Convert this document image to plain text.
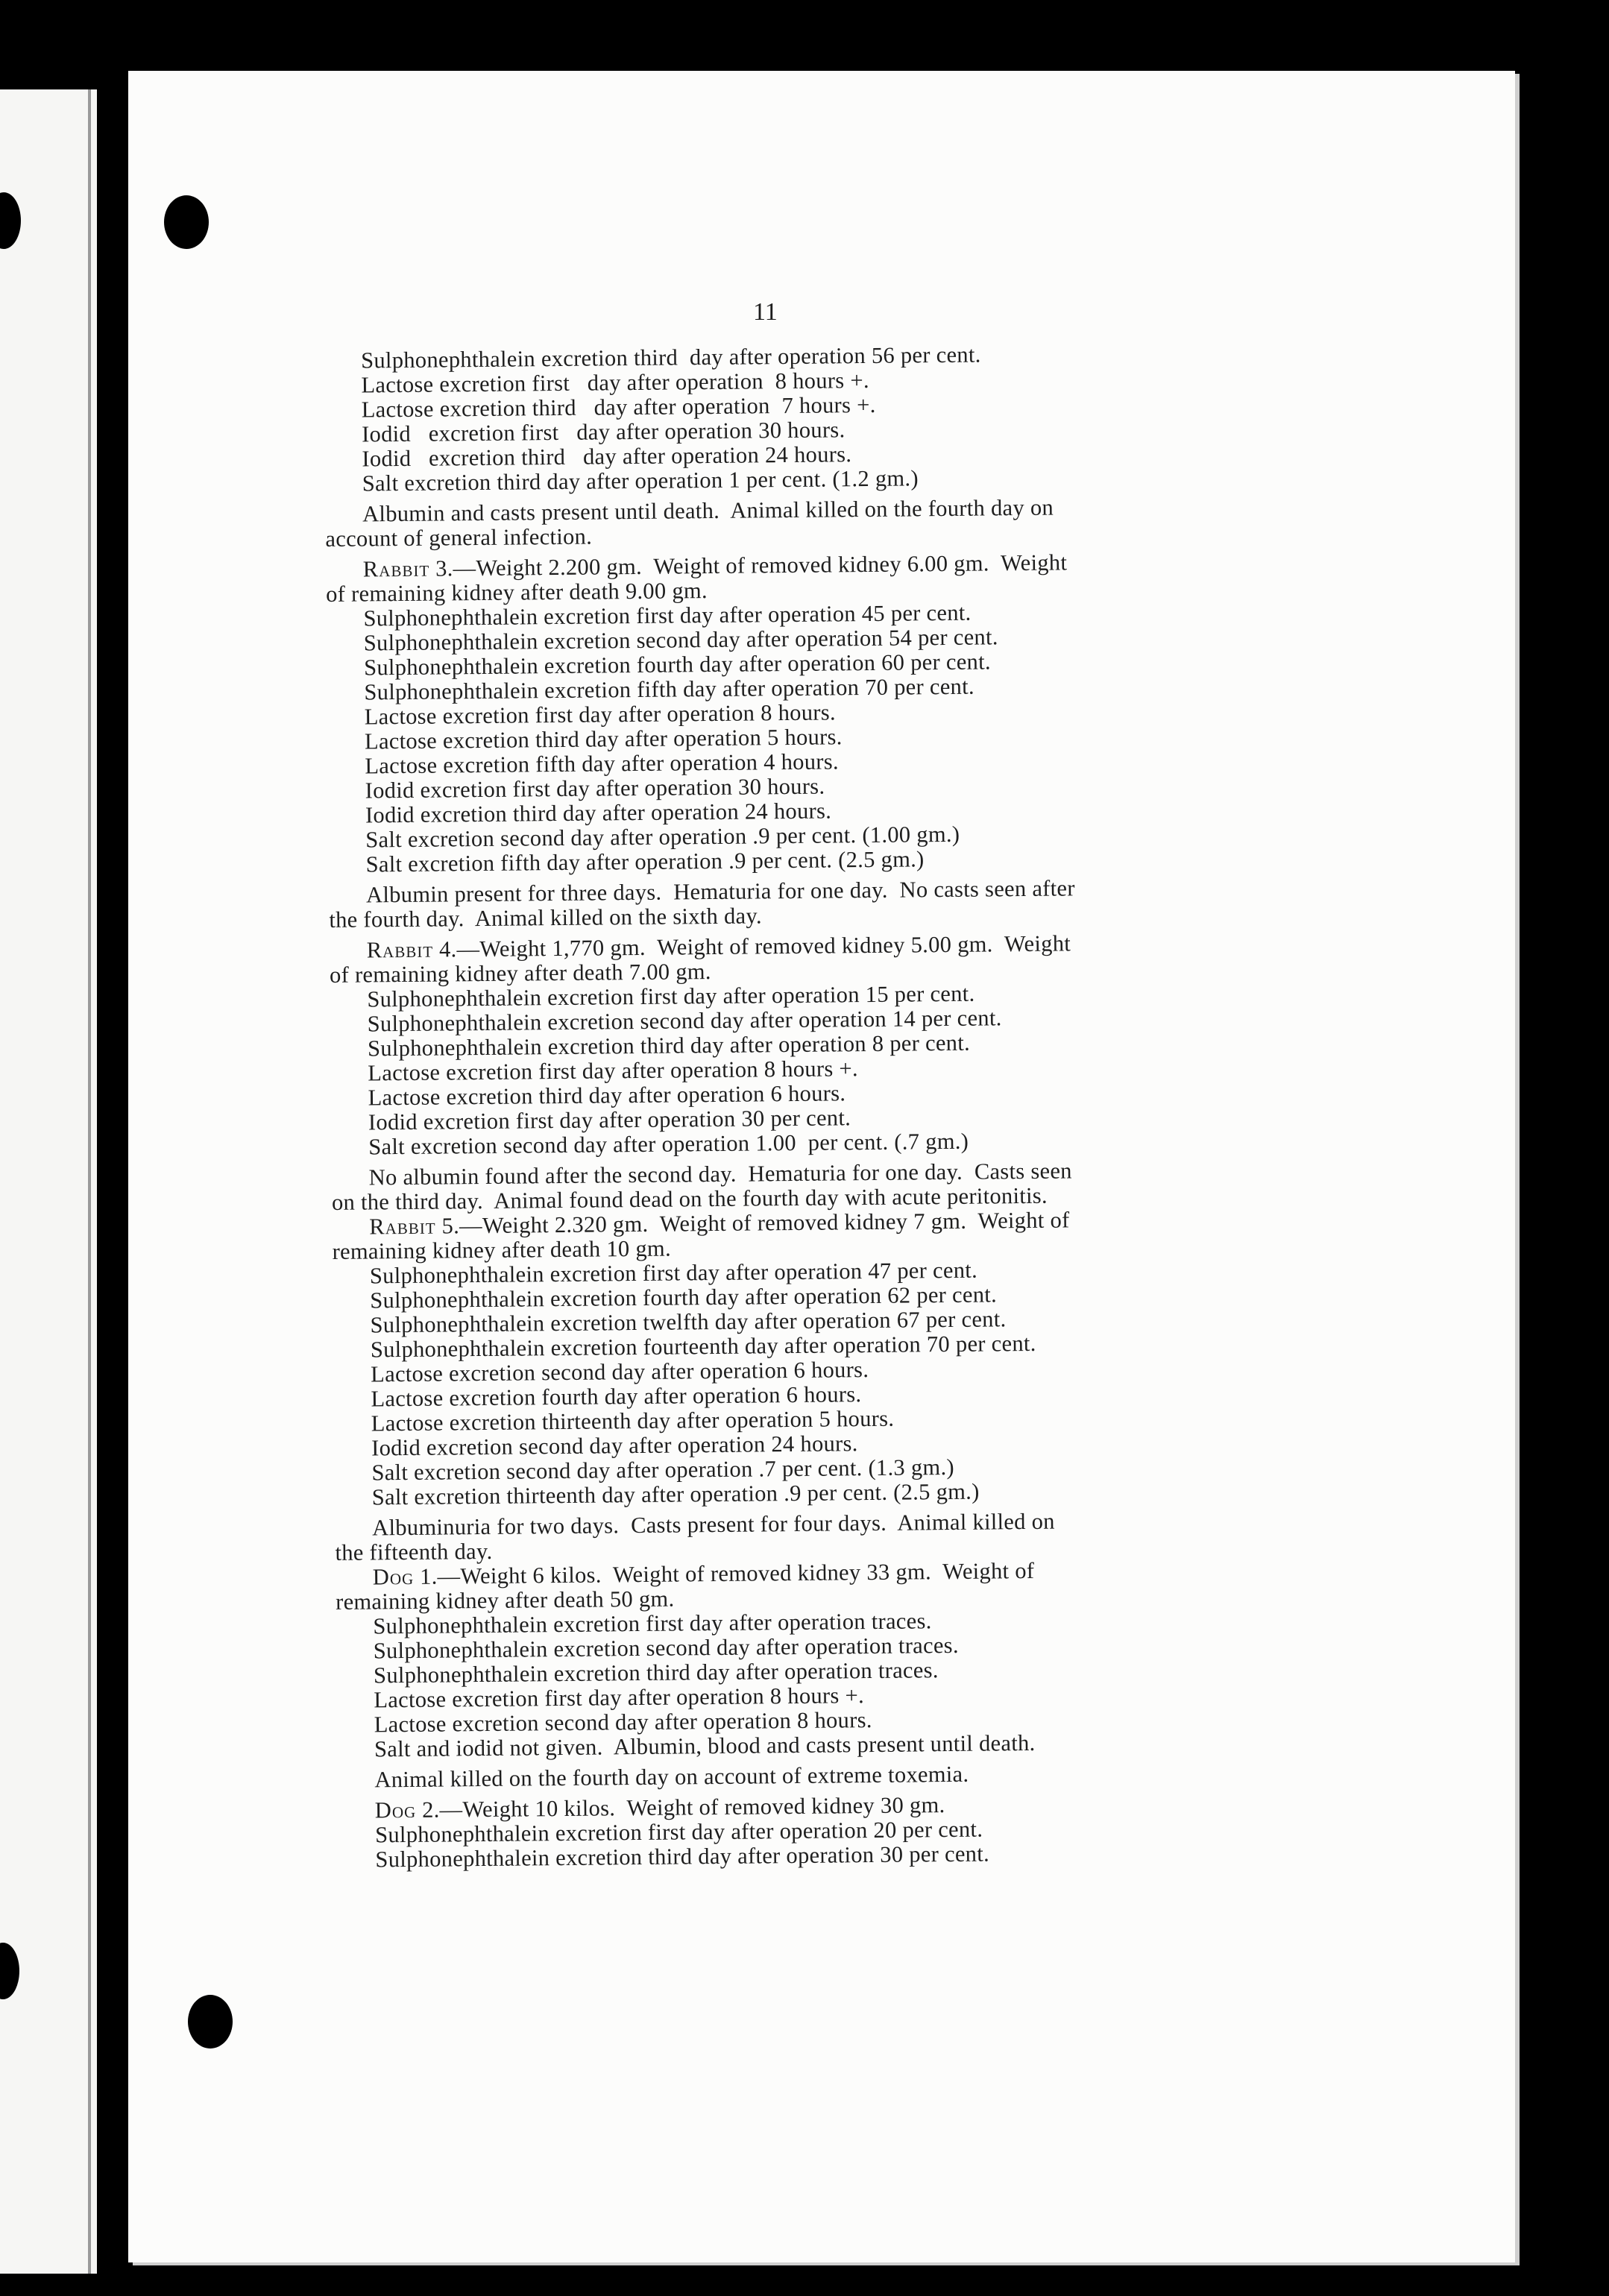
11
Sulphonephthalein excretion third  day after operation 56 per cent.
Lactose excretion first   day after operation  8 hours +.
Lactose excretion third   day after operation  7 hours +.
Iodid   excretion first   day after operation 30 hours.
Iodid   excretion third   day after operation 24 hours.
Salt excretion third day after operation 1 per cent. (1.2 gm.)
Albumin and casts present until death.  Animal killed on the fourth day on
account of general infection.
Rabbit 3.—Weight 2.200 gm.  Weight of removed kidney 6.00 gm.  Weight
of remaining kidney after death 9.00 gm.
Sulphonephthalein excretion first day after operation 45 per cent.
Sulphonephthalein excretion second day after operation 54 per cent.
Sulphonephthalein excretion fourth day after operation 60 per cent.
Sulphonephthalein excretion fifth day after operation 70 per cent.
Lactose excretion first day after operation 8 hours.
Lactose excretion third day after operation 5 hours.
Lactose excretion fifth day after operation 4 hours.
Iodid excretion first day after operation 30 hours.
Iodid excretion third day after operation 24 hours.
Salt excretion second day after operation .9 per cent. (1.00 gm.)
Salt excretion fifth day after operation .9 per cent. (2.5 gm.)
Albumin present for three days.  Hematuria for one day.  No casts seen after
the fourth day.  Animal killed on the sixth day.
Rabbit 4.—Weight 1,770 gm.  Weight of removed kidney 5.00 gm.  Weight
of remaining kidney after death 7.00 gm.
Sulphonephthalein excretion first day after operation 15 per cent.
Sulphonephthalein excretion second day after operation 14 per cent.
Sulphonephthalein excretion third day after operation 8 per cent.
Lactose excretion first day after operation 8 hours +.
Lactose excretion third day after operation 6 hours.
Iodid excretion first day after operation 30 per cent.
Salt excretion second day after operation 1.00  per cent. (.7 gm.)
No albumin found after the second day.  Hematuria for one day.  Casts seen
on the third day.  Animal found dead on the fourth day with acute peritonitis.
Rabbit 5.—Weight 2.320 gm.  Weight of removed kidney 7 gm.  Weight of
remaining kidney after death 10 gm.
Sulphonephthalein excretion first day after operation 47 per cent.
Sulphonephthalein excretion fourth day after operation 62 per cent.
Sulphonephthalein excretion twelfth day after operation 67 per cent.
Sulphonephthalein excretion fourteenth day after operation 70 per cent.
Lactose excretion second day after operation 6 hours.
Lactose excretion fourth day after operation 6 hours.
Lactose excretion thirteenth day after operation 5 hours.
Iodid excretion second day after operation 24 hours.
Salt excretion second day after operation .7 per cent. (1.3 gm.)
Salt excretion thirteenth day after operation .9 per cent. (2.5 gm.)
Albuminuria for two days.  Casts present for four days.  Animal killed on
the fifteenth day.
Dog 1.—Weight 6 kilos.  Weight of removed kidney 33 gm.  Weight of
remaining kidney after death 50 gm.
Sulphonephthalein excretion first day after operation traces.
Sulphonephthalein excretion second day after operation traces.
Sulphonephthalein excretion third day after operation traces.
Lactose excretion first day after operation 8 hours +.
Lactose excretion second day after operation 8 hours.
Salt and iodid not given.  Albumin, blood and casts present until death.
Animal killed on the fourth day on account of extreme toxemia.
Dog 2.—Weight 10 kilos.  Weight of removed kidney 30 gm.
Sulphonephthalein excretion first day after operation 20 per cent.
Sulphonephthalein excretion third day after operation 30 per cent.
